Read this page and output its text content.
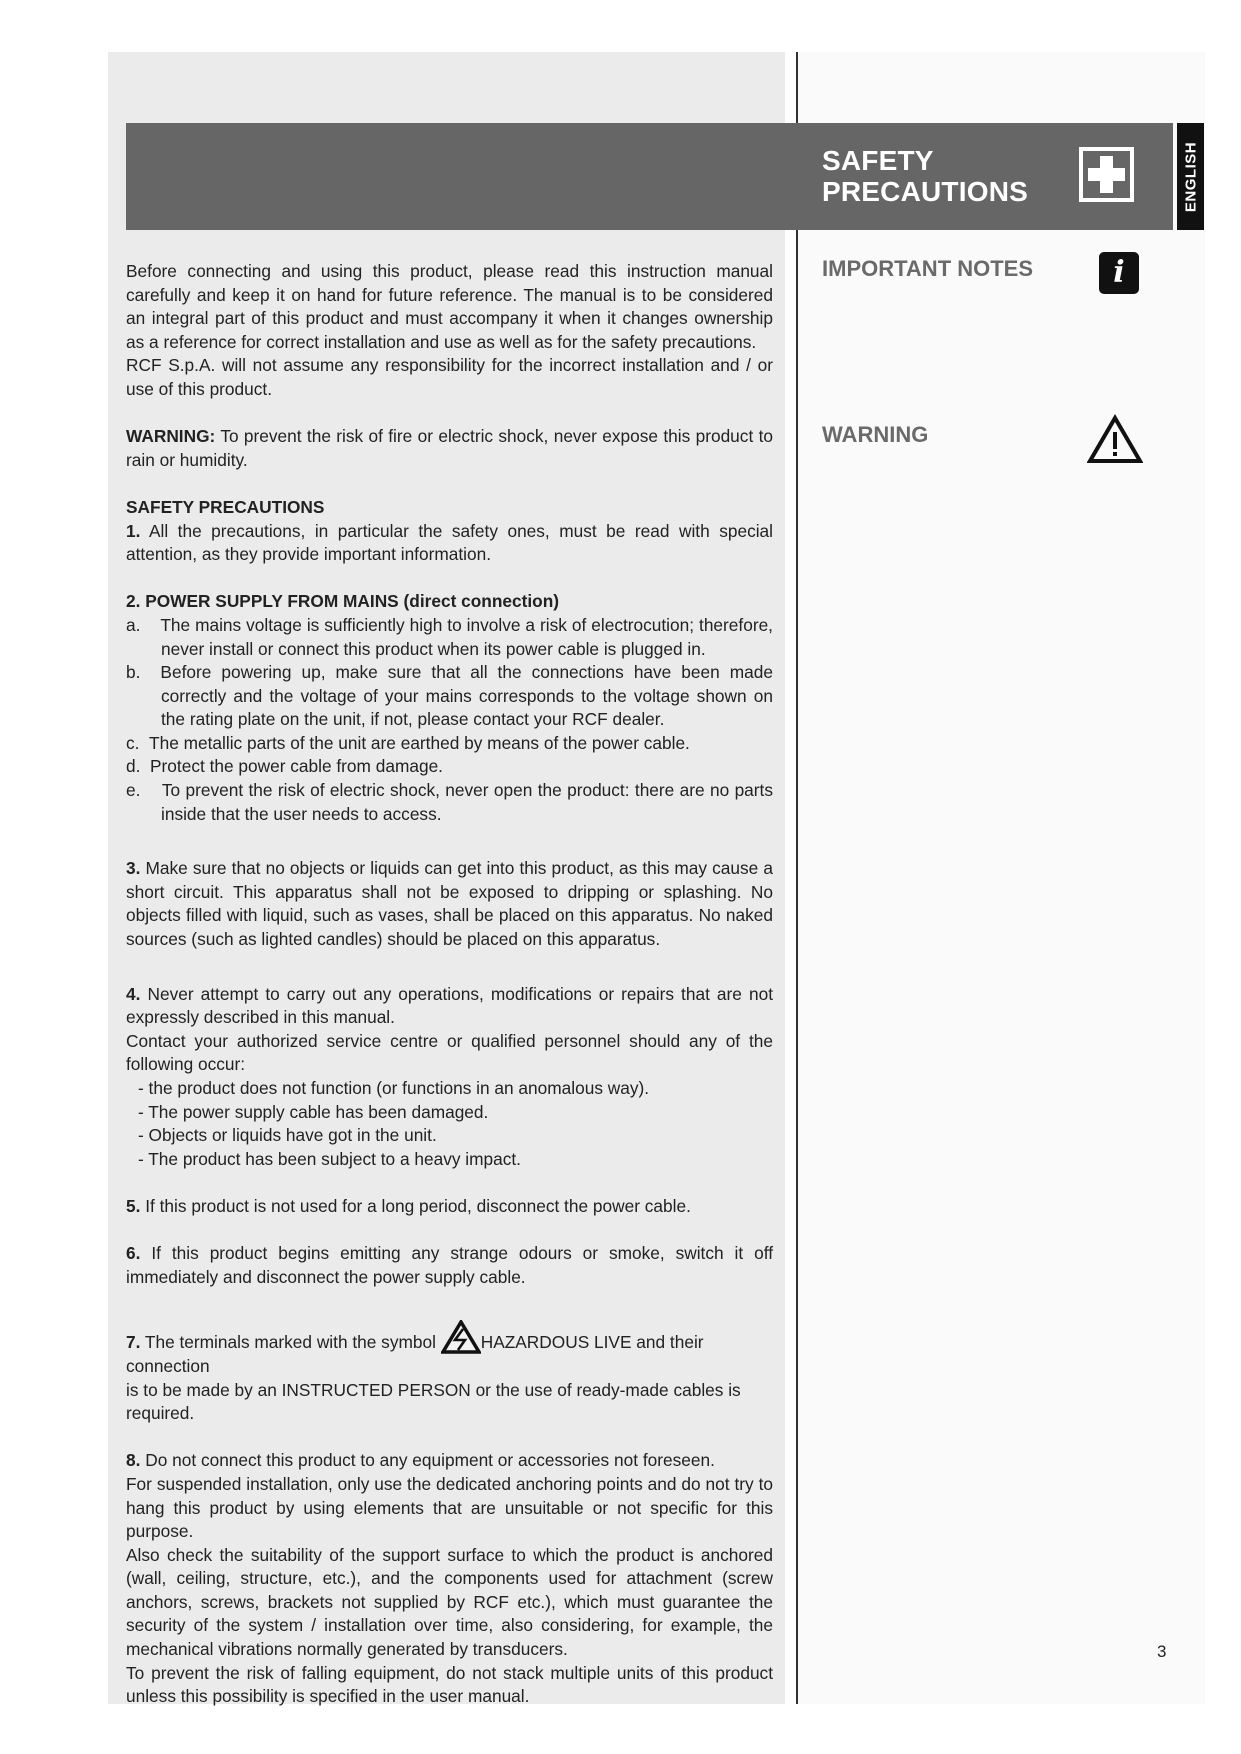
SAFETY
PRECAUTIONS	ENGLISH
IMPORTANT NOTES	i
WARNING

Before connecting and using this product, please read this instruction manual carefully and keep it on hand for future reference. The manual is to be considered an integral part of this product and must accompany it when it changes ownership as a reference for correct installation and use as well as for the safety precautions.

RCF S.p.A. will not assume any responsibility for the incorrect installation and / or use of this product.

WARNING: To prevent the risk of fire or electric shock, never expose this product to rain or humidity.

SAFETY PRECAUTIONS

1. All the precautions, in particular the safety ones, must be read with special attention, as they provide important information.

2. POWER SUPPLY FROM MAINS (direct connection)

a.    The mains voltage is sufficiently high to involve a risk of electrocution; therefore, never install or connect this product when its power cable is plugged in.

b.  Before powering up, make sure that all the connections have been made correctly and the voltage of your mains corresponds to the voltage shown on the rating plate on the unit, if not, please contact your RCF dealer.

c.  The metallic parts of the unit are earthed by means of the power cable.

d.  Protect the power cable from damage.

e.    To prevent the risk of electric shock, never open the product: there are no parts inside that the user needs to access.

3. Make sure that no objects or liquids can get into this product, as this may cause a short circuit. This apparatus shall not be exposed to dripping or splashing. No objects filled with liquid, such as vases, shall be placed on this apparatus. No naked sources (such as lighted candles) should be placed on this apparatus.

4. Never attempt to carry out any operations, modifications or repairs that are not expressly described in this manual.

Contact your authorized service centre or qualified personnel should any of the following occur:

- the product does not function (or functions in an anomalous way).

- The power supply cable has been damaged.

- Objects or liquids have got in the unit.

- The product has been subject to a heavy impact.

5. If this product is not used for a long period, disconnect the power cable.

6. If this product begins emitting any strange odours or smoke, switch it off immediately and disconnect the power supply cable.

7. The terminals marked with the symbol HAZARDOUS LIVE and their connection

is to be made by an INSTRUCTED PERSON or the use of ready-made cables is required.

8. Do not connect this product to any equipment or accessories not foreseen.

For suspended installation, only use the dedicated anchoring points and do not try to hang this product by using elements that are unsuitable or not specific for this purpose.

Also check the suitability of the support surface to which the product is anchored (wall, ceiling, structure, etc.), and the components used for attachment (screw anchors, screws, brackets not supplied by RCF etc.), which must guarantee the security of the system / installation over time, also considering, for example, the mechanical vibrations normally generated by transducers.

To prevent the risk of falling equipment, do not stack multiple units of this product unless this possibility is specified in the user manual.

3
